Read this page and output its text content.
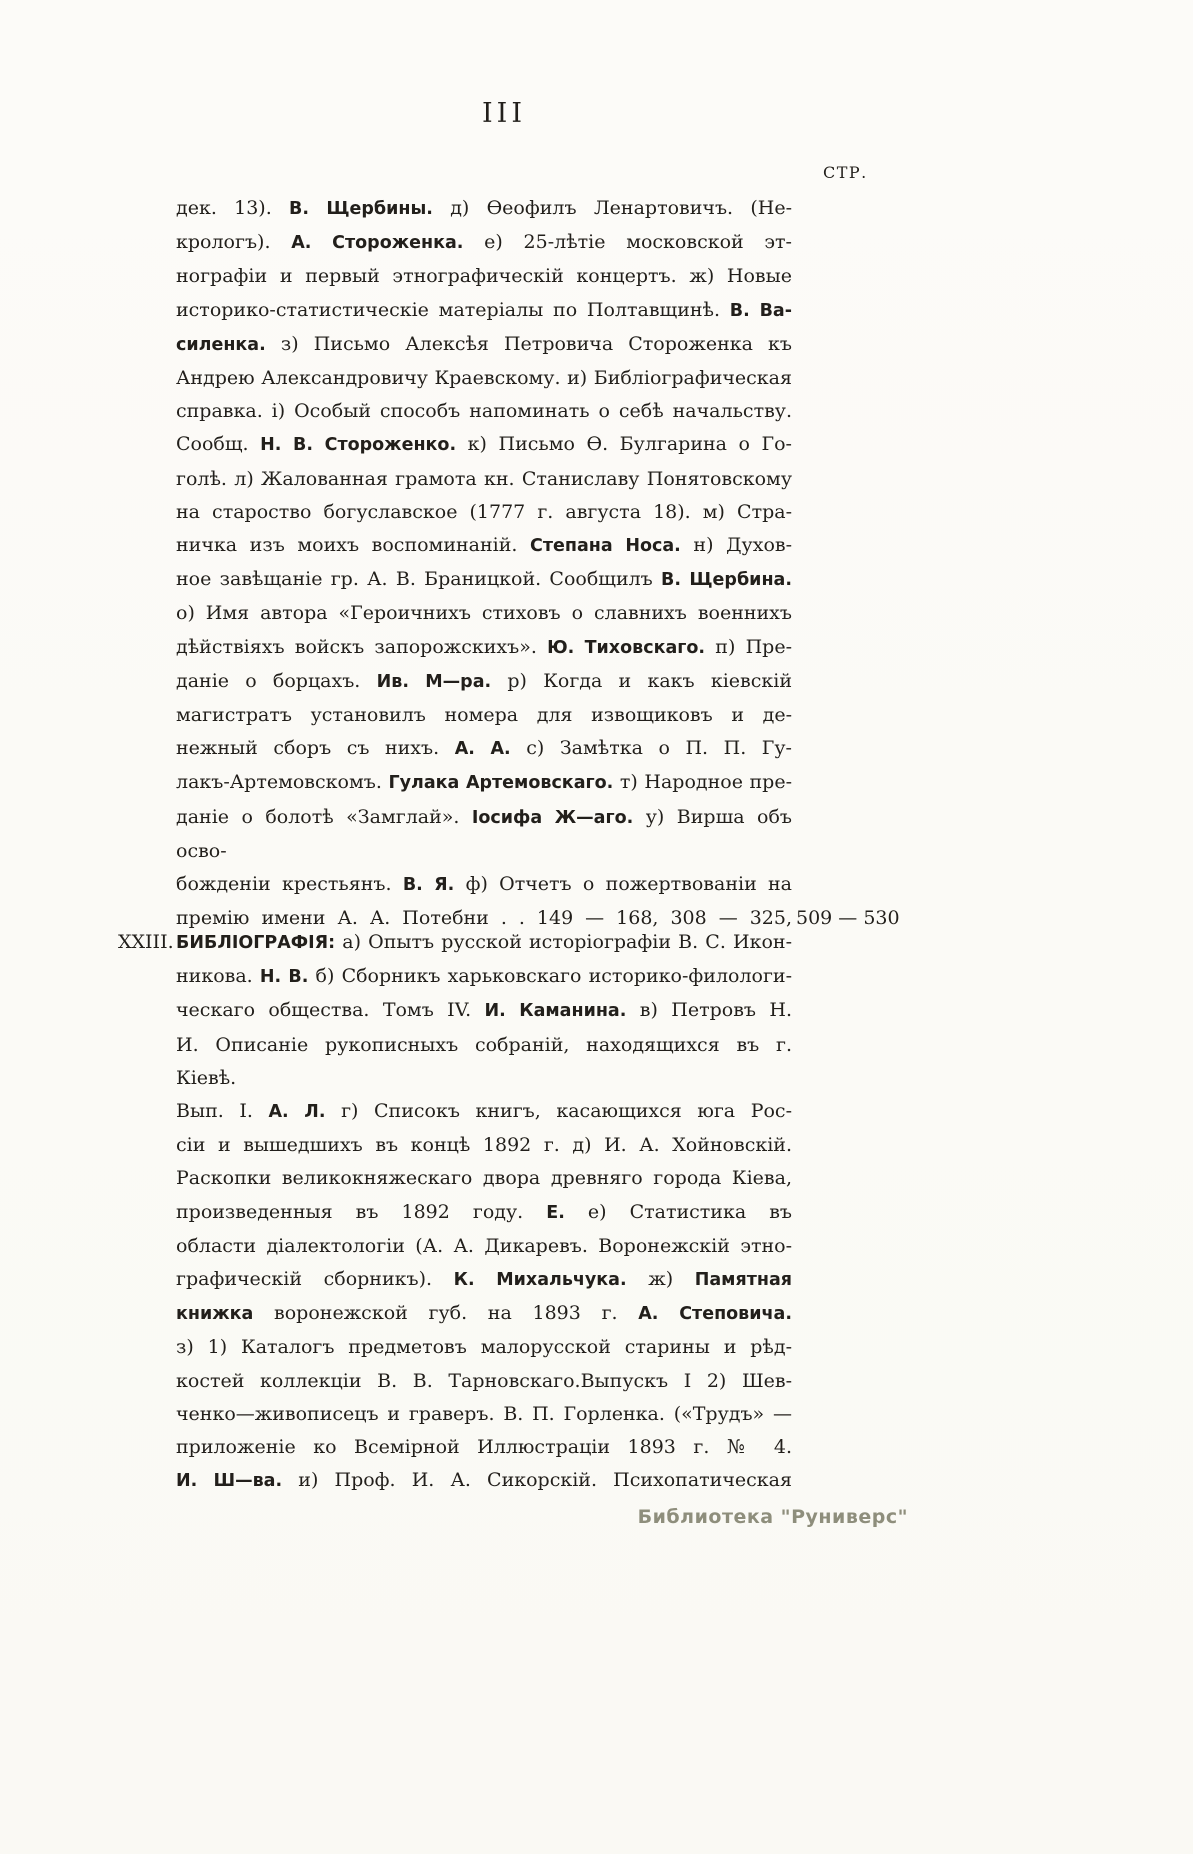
III
СТР.
509 — 530
дек. 13). В. Щербины. д) Ѳеофилъ Ленартовичъ. (Не-
крологъ). А. Стороженка. е) 25-лѣтіе московской эт-
нографіи и первый этнографическій концертъ. ж) Новые
историко-статистическіе матеріалы по Полтавщинѣ. В. Ва-
силенка. з) Письмо Алексѣя Петровича Стороженка къ
Андрею Александровичу Краевскому. и) Библіографическая
справка. і) Особый способъ напоминать о себѣ начальству.
Сообщ. Н. В. Стороженко. к) Письмо Ѳ. Булгарина о Го-
голѣ. л) Жалованная грамота кн. Станиславу Понятовскому
на староство богуславское (1777 г. августа 18). м) Стра-
ничка изъ моихъ воспоминаній. Степана Носа. н) Духов-
ное завѣщаніе гр. А. В. Браницкой. Сообщилъ В. Щербина.
о) Имя автора «Героичнихъ стиховъ о славнихъ военнихъ
дѣйствіяхъ войскъ запорожскихъ». Ю. Тиховскаго. п) Пре-
даніе о борцахъ. Ив. М—ра. р) Когда и какъ кіевскій
магистратъ установилъ номера для извощиковъ и де-
нежный сборъ съ нихъ. А. А. с) Замѣтка о П. П. Гу-
лакъ-Артемовскомъ. Гулака Артемовскаго. т) Народное пре-
даніе о болотѣ «Замглай». Іосифа Ж—аго. у) Вирша объ осво-
божденіи крестьянъ. В. Я. ф) Отчетъ о пожертвованіи на
премію имени А. А. Потебни . . 149 — 168, 308 — 325,
XXIII. БИБЛІОГРАФІЯ: а) Опытъ русской исторіографіи В. С. Икон-
никова. Н. В. б) Сборникъ харьковскаго историко-филологи-
ческаго общества. Томъ IV. И. Каманина. в) Петровъ Н.
И. Описаніе рукописныхъ собраній, находящихся въ г. Кіевѣ.
Вып. I. А. Л. г) Списокъ книгъ, касающихся юга Рос-
сіи и вышедшихъ въ концѣ 1892 г. д) И. А. Хойновскій.
Раскопки великокняжескаго двора древняго города Кіева,
произведенныя въ 1892 году. Е. е) Статистика въ
области діалектологіи (А. А. Дикаревъ. Воронежскій этно-
графическій сборникъ). К. Михальчука. ж) Памятная
книжка воронежской губ. на 1893 г. А. Степовича.
з) 1) Каталогъ предметовъ малорусской старины и рѣд-
костей коллекціи В. В. Тарновскаго.Выпускъ I 2) Шев-
ченко—живописецъ и граверъ. В. П. Горленка. («Трудъ» —
приложеніе ко Всемірной Иллюстраціи 1893 г. № 4.
И. Ш—ва. и) Проф. И. А. Сикорскій. Психопатическая
Библиотека "Руниверс"
